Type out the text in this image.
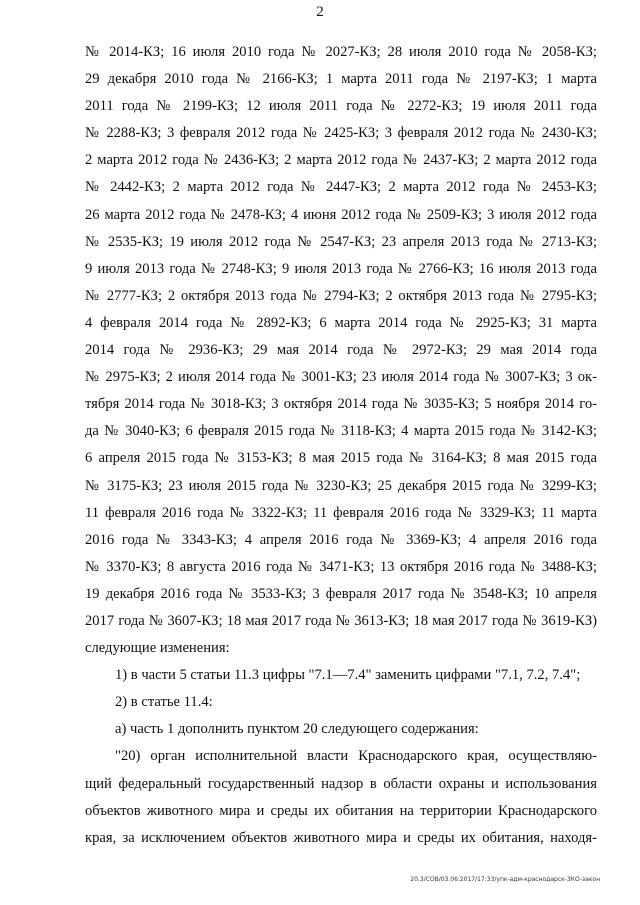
2
№ 2014-КЗ; 16 июля 2010 года № 2027-КЗ; 28 июля 2010 года № 2058-КЗ;
29 декабря 2010 года № 2166-КЗ; 1 марта 2011 года № 2197-КЗ; 1 марта
2011 года № 2199-КЗ; 12 июля 2011 года № 2272-КЗ; 19 июля 2011 года
№ 2288-КЗ; 3 февраля 2012 года № 2425-КЗ; 3 февраля 2012 года № 2430-КЗ;
2 марта 2012 года № 2436-КЗ; 2 марта 2012 года № 2437-КЗ; 2 марта 2012 года
№ 2442-КЗ; 2 марта 2012 года № 2447-КЗ; 2 марта 2012 года № 2453-КЗ;
26 марта 2012 года № 2478-КЗ; 4 июня 2012 года № 2509-КЗ; 3 июля 2012 года
№ 2535-КЗ; 19 июля 2012 года № 2547-КЗ; 23 апреля 2013 года № 2713-КЗ;
9 июля 2013 года № 2748-КЗ; 9 июля 2013 года № 2766-КЗ; 16 июля 2013 года
№ 2777-КЗ; 2 октября 2013 года № 2794-КЗ; 2 октября 2013 года № 2795-КЗ;
4 февраля 2014 года № 2892-КЗ; 6 марта 2014 года № 2925-КЗ; 31 марта
2014 года № 2936-КЗ; 29 мая 2014 года № 2972-КЗ; 29 мая 2014 года
№ 2975-КЗ; 2 июля 2014 года № 3001-КЗ; 23 июля 2014 года № 3007-КЗ; 3 ок-
тября 2014 года № 3018-КЗ; 3 октября 2014 года № 3035-КЗ; 5 ноября 2014 го-
да № 3040-КЗ; 6 февраля 2015 года № 3118-КЗ; 4 марта 2015 года № 3142-КЗ;
6 апреля 2015 года № 3153-КЗ; 8 мая 2015 года № 3164-КЗ; 8 мая 2015 года
№ 3175-КЗ; 23 июля 2015 года № 3230-КЗ; 25 декабря 2015 года № 3299-КЗ;
11 февраля 2016 года № 3322-КЗ; 11 февраля 2016 года № 3329-КЗ; 11 марта
2016 года № 3343-КЗ; 4 апреля 2016 года № 3369-КЗ; 4 апреля 2016 года
№ 3370-КЗ; 8 августа 2016 года № 3471-КЗ; 13 октября 2016 года № 3488-КЗ;
19 декабря 2016 года № 3533-КЗ; 3 февраля 2017 года № 3548-КЗ; 10 апреля
2017 года № 3607-КЗ; 18 мая 2017 года № 3613-КЗ; 18 мая 2017 года № 3619-КЗ)
следующие изменения:
1) в части 5 статьи 11.3 цифры "7.1—7.4" заменить цифрами "7.1, 7.2, 7.4";
2) в статье 11.4:
а) часть 1 дополнить пунктом 20 следующего содержания:
"20) орган исполнительной власти Краснодарского края, осуществляю-
щий федеральный государственный надзор в области охраны и использования
объектов животного мира и среды их обитания на территории Краснодарского
края, за исключением объектов животного мира и среды их обитания, находя-
20.3/СОВ/03.06.2017/17:33/упк-адм-краснодарск-ЗКО-закон
